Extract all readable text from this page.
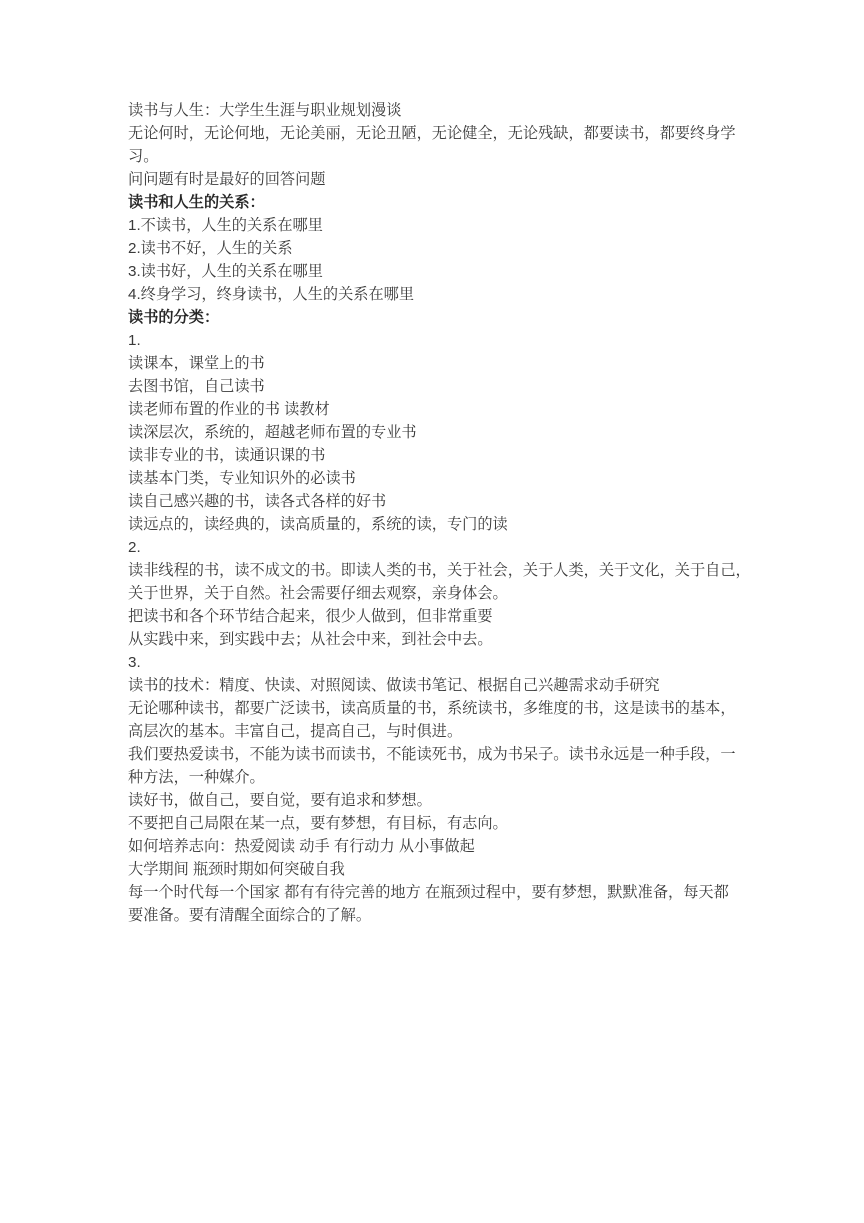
读书与人生：大学生生涯与职业规划漫谈
无论何时，无论何地，无论美丽，无论丑陋，无论健全，无论残缺，都要读书，都要终身学
习。
问问题有时是最好的回答问题
读书和人生的关系：
1.不读书，人生的关系在哪里
2.读书不好，人生的关系
3.读书好，人生的关系在哪里
4.终身学习，终身读书，人生的关系在哪里
读书的分类：
1.
读课本，课堂上的书
去图书馆，自己读书
读老师布置的作业的书 读教材
读深层次，系统的，超越老师布置的专业书
读非专业的书，读通识课的书
读基本门类，专业知识外的必读书
读自己感兴趣的书，读各式各样的好书
读远点的，读经典的，读高质量的，系统的读，专门的读
2.
读非线程的书，读不成文的书。即读人类的书，关于社会，关于人类，关于文化，关于自己，
关于世界，关于自然。社会需要仔细去观察，亲身体会。
把读书和各个环节结合起来，很少人做到，但非常重要
从实践中来，到实践中去；从社会中来，到社会中去。
3.
读书的技术：精度、快读、对照阅读、做读书笔记、根据自己兴趣需求动手研究
无论哪种读书，都要广泛读书，读高质量的书，系统读书，多维度的书，这是读书的基本，
高层次的基本。丰富自己，提高自己，与时俱进。
我们要热爱读书，不能为读书而读书，不能读死书，成为书呆子。读书永远是一种手段，一
种方法，一种媒介。
读好书，做自己，要自觉，要有追求和梦想。
不要把自己局限在某一点，要有梦想，有目标，有志向。
如何培养志向：热爱阅读 动手 有行动力 从小事做起
大学期间 瓶颈时期如何突破自我
每一个时代每一个国家 都有有待完善的地方 在瓶颈过程中，要有梦想，默默准备，每天都
要准备。要有清醒全面综合的了解。
